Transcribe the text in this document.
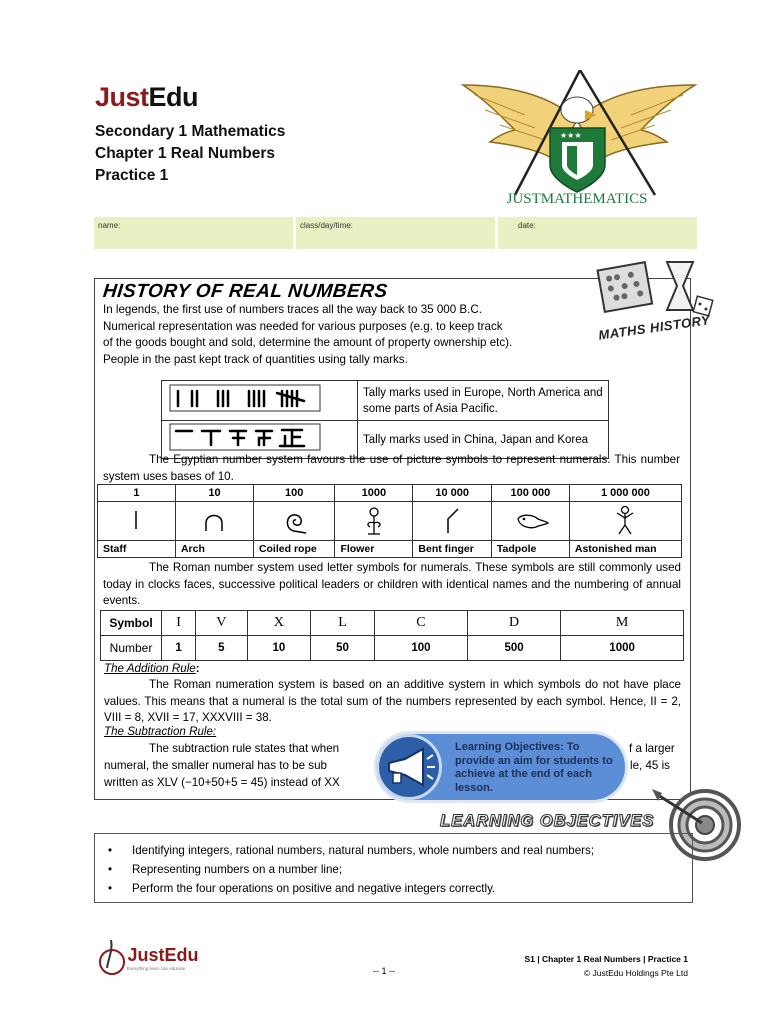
JustEdu
Secondary 1 Mathematics
Chapter 1 Real Numbers
Practice 1
★★★
JUSTMATHEMATICS
name:	class/day/time:	date:
HISTORY OF REAL NUMBERS
MATHS HISTORY
In legends, the first use of numbers traces all the way back to 35 000 B.C.
Numerical representation was needed for various purposes (e.g. to keep track
of the goods bought and sold, determine the amount of property ownership etc).
People in the past kept track of quantities using tally marks.
	Tally marks used in Europe, North America and some parts of Asia Pacific.
	Tally marks used in China, Japan and Korea
The Egyptian number system favours the use of picture symbols to represent numerals. This number system uses bases of 10.
1	10	100	1000	10 000	100 000	1 000 000

Staff	Arch	Coiled rope	Flower	Bent finger	Tadpole	Astonished man
The Roman number system used letter symbols for numerals. These symbols are still commonly used today in clocks faces, successive political leaders or children with identical names and the numbering of annual events.
Symbol	I	V	X	L	C	D	M
Number	1	5	10	50	100	500	1000
The Addition Rule:
The Roman numeration system is based on an additive system in which symbols do not have place values. This means that a numeral is the total sum of the numbers represented by each symbol. Hence, II = 2, VIII = 8, XVII = 17, XXXVIII = 38.
The Subtraction Rule:
The subtraction rule states that when	f a larger
numeral, the smaller numeral has to be sub	le, 45 is
written as XLV (−10+50+5 = 45) instead of XX
Learning Objectives: To provide an aim for students to achieve at the end of each lesson.
LEARNING OBJECTIVES
• Identifying integers, rational numbers, natural numbers, whole numbers and real numbers;
• Representing numbers on a number line;
• Perform the four operations on positive and negative integers correctly.
JustEdu
Everything learn can educate
S1 | Chapter 1 Real Numbers | Practice 1
© JustEdu Holdings Pte Ltd
-- 1 --
